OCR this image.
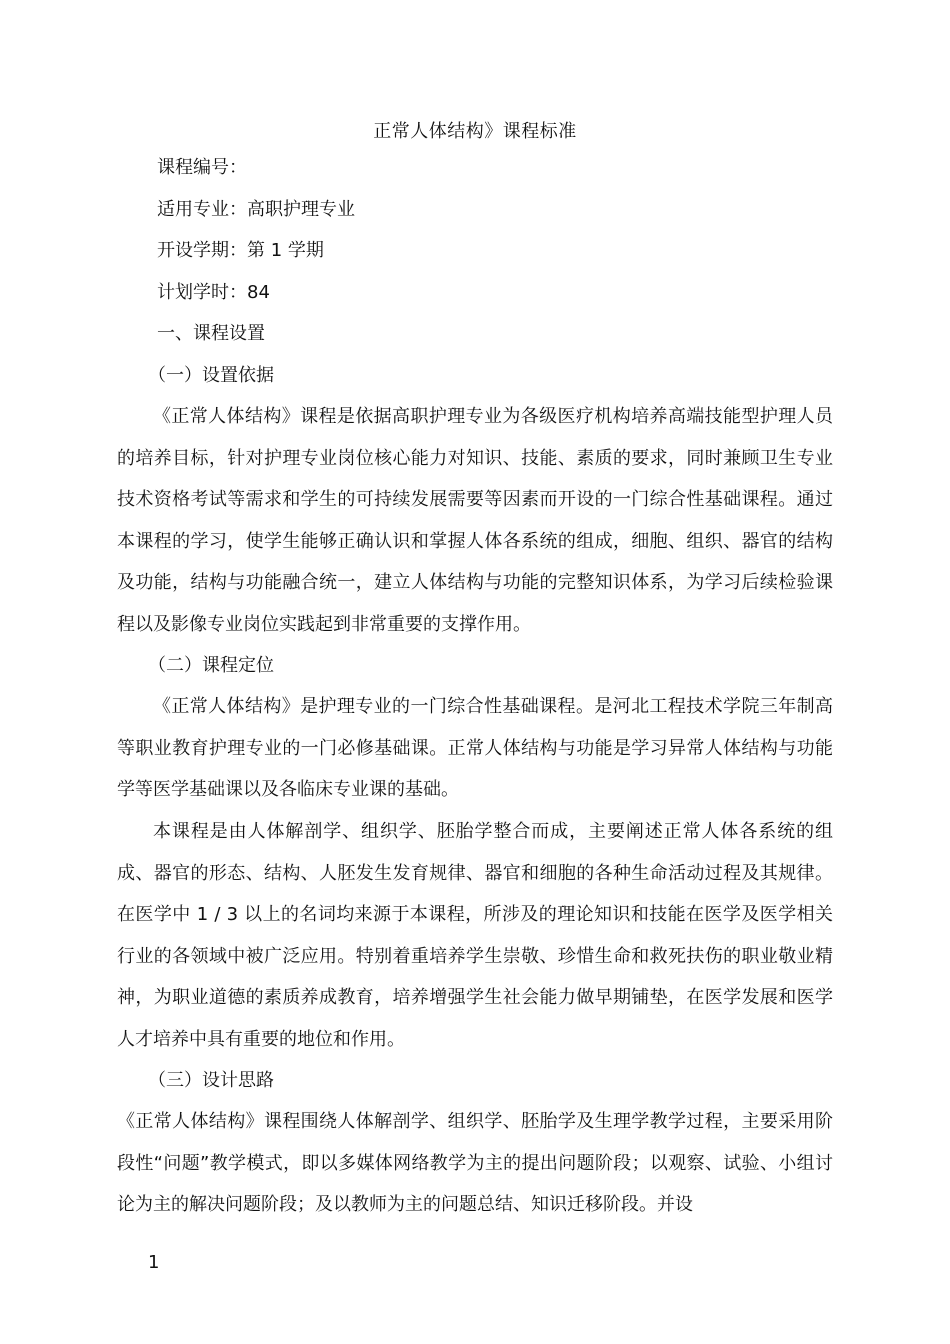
正常人体结构》课程标准
课程编号：
适用专业：高职护理专业
开设学期：第 1 学期
计划学时：84
一、课程设置
（一）设置依据
《正常人体结构》课程是依据高职护理专业为各级医疗机构培养高端技能型护理人员的培养目标，针对护理专业岗位核心能力对知识、技能、素质的要求，同时兼顾卫生专业技术资格考试等需求和学生的可持续发展需要等因素而开设的一门综合性基础课程。通过本课程的学习，使学生能够正确认识和掌握人体各系统的组成，细胞、组织、器官的结构及功能，结构与功能融合统一，建立人体结构与功能的完整知识体系，为学习后续检验课程以及影像专业岗位实践起到非常重要的支撑作用。
（二）课程定位
《正常人体结构》是护理专业的一门综合性基础课程。是河北工程技术学院三年制高等职业教育护理专业的一门必修基础课。正常人体结构与功能是学习异常人体结构与功能学等医学基础课以及各临床专业课的基础。
本课程是由人体解剖学、组织学、胚胎学整合而成，主要阐述正常人体各系统的组成、器官的形态、结构、人胚发生发育规律、器官和细胞的各种生命活动过程及其规律。在医学中 1 / 3 以上的名词均来源于本课程，所涉及的理论知识和技能在医学及医学相关行业的各领域中被广泛应用。特别着重培养学生崇敬、珍惜生命和救死扶伤的职业敬业精神，为职业道德的素质养成教育，培养增强学生社会能力做早期铺垫，在医学发展和医学人才培养中具有重要的地位和作用。
（三）设计思路
《正常人体结构》课程围绕人体解剖学、组织学、胚胎学及生理学教学过程，主要采用阶段性“问题”教学模式，即以多媒体网络教学为主的提出问题阶段；以观察、试验、小组讨论为主的解决问题阶段；及以教师为主的问题总结、知识迁移阶段。并设
1
